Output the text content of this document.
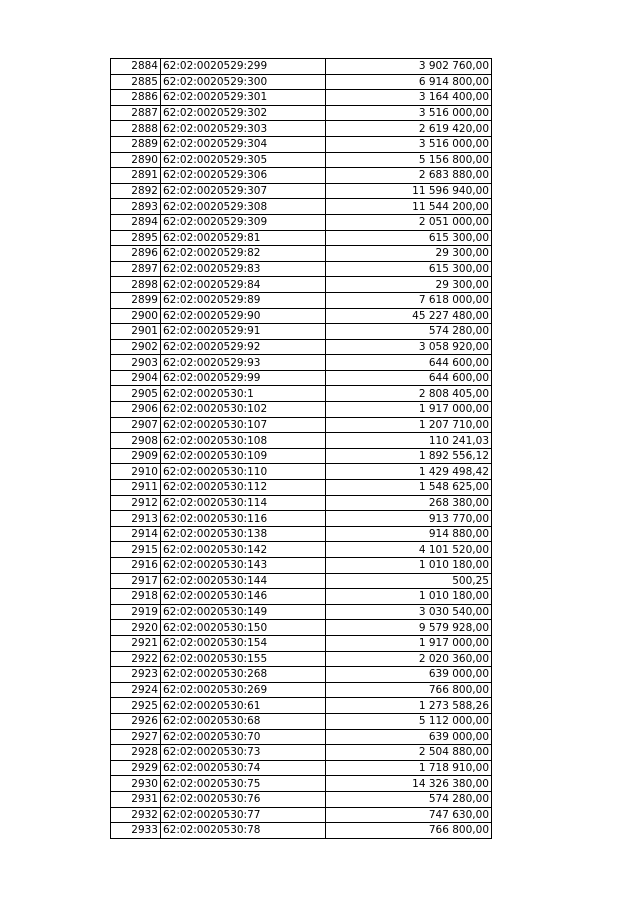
2884	62:02:0020529:299	3 902 760,00
2885	62:02:0020529:300	6 914 800,00
2886	62:02:0020529:301	3 164 400,00
2887	62:02:0020529:302	3 516 000,00
2888	62:02:0020529:303	2 619 420,00
2889	62:02:0020529:304	3 516 000,00
2890	62:02:0020529:305	5 156 800,00
2891	62:02:0020529:306	2 683 880,00
2892	62:02:0020529:307	11 596 940,00
2893	62:02:0020529:308	11 544 200,00
2894	62:02:0020529:309	2 051 000,00
2895	62:02:0020529:81	615 300,00
2896	62:02:0020529:82	29 300,00
2897	62:02:0020529:83	615 300,00
2898	62:02:0020529:84	29 300,00
2899	62:02:0020529:89	7 618 000,00
2900	62:02:0020529:90	45 227 480,00
2901	62:02:0020529:91	574 280,00
2902	62:02:0020529:92	3 058 920,00
2903	62:02:0020529:93	644 600,00
2904	62:02:0020529:99	644 600,00
2905	62:02:0020530:1	2 808 405,00
2906	62:02:0020530:102	1 917 000,00
2907	62:02:0020530:107	1 207 710,00
2908	62:02:0020530:108	110 241,03
2909	62:02:0020530:109	1 892 556,12
2910	62:02:0020530:110	1 429 498,42
2911	62:02:0020530:112	1 548 625,00
2912	62:02:0020530:114	268 380,00
2913	62:02:0020530:116	913 770,00
2914	62:02:0020530:138	914 880,00
2915	62:02:0020530:142	4 101 520,00
2916	62:02:0020530:143	1 010 180,00
2917	62:02:0020530:144	500,25
2918	62:02:0020530:146	1 010 180,00
2919	62:02:0020530:149	3 030 540,00
2920	62:02:0020530:150	9 579 928,00
2921	62:02:0020530:154	1 917 000,00
2922	62:02:0020530:155	2 020 360,00
2923	62:02:0020530:268	639 000,00
2924	62:02:0020530:269	766 800,00
2925	62:02:0020530:61	1 273 588,26
2926	62:02:0020530:68	5 112 000,00
2927	62:02:0020530:70	639 000,00
2928	62:02:0020530:73	2 504 880,00
2929	62:02:0020530:74	1 718 910,00
2930	62:02:0020530:75	14 326 380,00
2931	62:02:0020530:76	574 280,00
2932	62:02:0020530:77	747 630,00
2933	62:02:0020530:78	766 800,00
